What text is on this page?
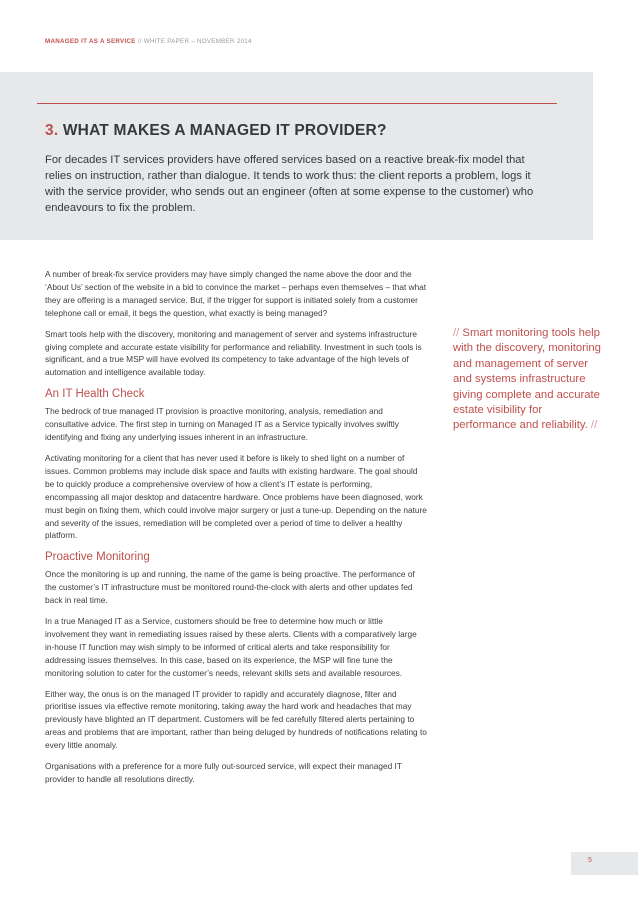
MANAGED IT AS A SERVICE // WHITE PAPER – NOVEMBER 2014
3. WHAT MAKES A MANAGED IT PROVIDER?

For decades IT services providers have offered services based on a reactive break-fix model that relies on instruction, rather than dialogue. It tends to work thus: the client reports a problem, logs it with the service provider, who sends out an engineer (often at some expense to the customer) who endeavours to fix the problem.

A number of break-fix service providers may have simply changed the name above the door and the ‘About Us’ section of the website in a bid to convince the market – perhaps even themselves – that what they are offering is a managed service. But, if the trigger for support is initiated solely from a customer telephone call or email, it begs the question, what exactly is being managed?

Smart tools help with the discovery, monitoring and management of server and systems infrastructure giving complete and accurate estate visibility for performance and reliability. Investment in such tools is significant, and a true MSP will have evolved its competency to take advantage of the high levels of automation and intelligence available today.

An IT Health Check

The bedrock of true managed IT provision is proactive monitoring, analysis, remediation and consultative advice. The first step in turning on Managed IT as a Service typically involves swiftly identifying and fixing any underlying issues inherent in an infrastructure.

Activating monitoring for a client that has never used it before is likely to shed light on a number of issues. Common problems may include disk space and faults with existing hardware. The goal should be to quickly produce a comprehensive overview of how a client’s IT estate is performing, encompassing all major desktop and datacentre hardware. Once problems have been diagnosed, work must begin on fixing them, which could involve major surgery or just a tune-up. Depending on the nature and severity of the issues, remediation will be completed over a period of time to deliver a healthy platform.

Proactive Monitoring

Once the monitoring is up and running, the name of the game is being proactive. The performance of the customer’s IT infrastructure must be monitored round-the-clock with alerts and other updates fed back in real time.

In a true Managed IT as a Service, customers should be free to determine how much or little involvement they want in remediating issues raised by these alerts. Clients with a comparatively large in-house IT function may wish simply to be informed of critical alerts and take responsibility for addressing issues themselves. In this case, based on its experience, the MSP will fine tune the monitoring solution to cater for the customer’s needs, relevant skills sets and available resources.

Either way, the onus is on the managed IT provider to rapidly and accurately diagnose, filter and prioritise issues via effective remote monitoring, taking away the hard work and headaches that may previously have blighted an IT department. Customers will be fed carefully filtered alerts pertaining to areas and problems that are important, rather than being deluged by hundreds of notifications relating to every little anomaly.

Organisations with a preference for a more fully out-sourced service, will expect their managed IT provider to handle all resolutions directly.

// Smart monitoring tools help with the discovery, monitoring and management of server and systems infrastructure giving complete and accurate estate visibility for performance and reliability. //

5
